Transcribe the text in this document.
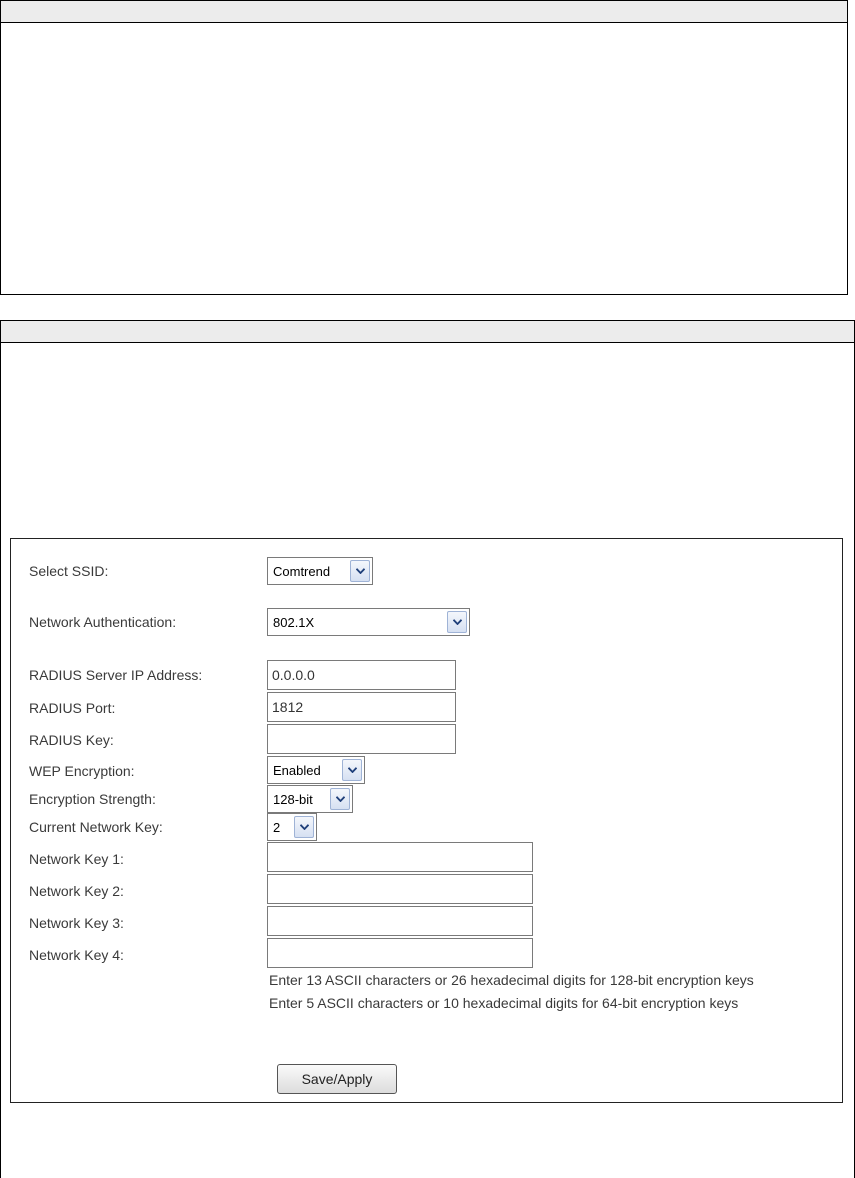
Select SSID:	Comtrend
Network Authentication:	802.1X
RADIUS Server IP Address:
0.0.0.0
RADIUS Port:
1812
RADIUS Key:
WEP Encryption:	Enabled
Encryption Strength:	128-bit
Current Network Key:	2
Network Key 1:
Network Key 2:
Network Key 3:
Network Key 4:
Enter 13 ASCII characters or 26 hexadecimal digits for 128-bit encryption keys
Enter 5 ASCII characters or 10 hexadecimal digits for 64-bit encryption keys
Save/Apply
